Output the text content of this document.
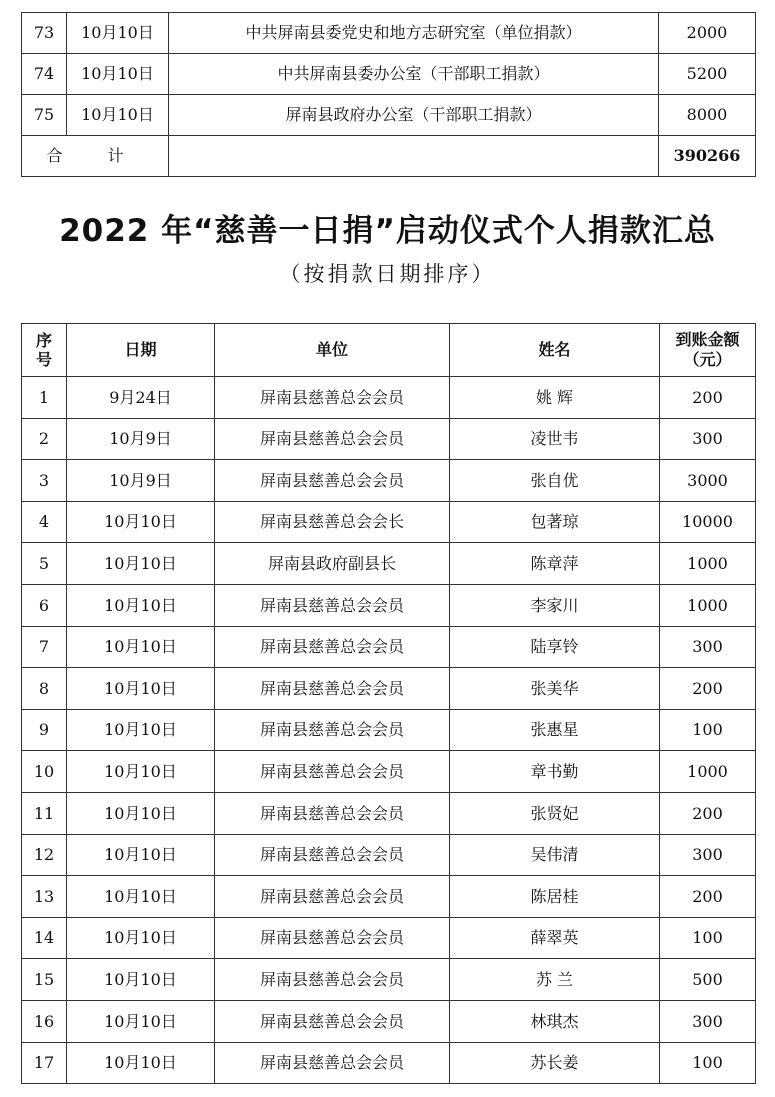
73	10月10日	中共屏南县委党史和地方志研究室（单位捐款）	2000
74	10月10日	中共屏南县委办公室（干部职工捐款）	5200
75	10月10日	屏南县政府办公室（干部职工捐款）	8000
合 计			390266
2022 年“慈善一日捐”启动仪式个人捐款汇总
（按捐款日期排序）
序号	日期	单位	姓名	到账金额
（元）

1	9月24日	屏南县慈善总会会员	姚 辉	200
2	10月9日	屏南县慈善总会会员	凌世韦	300
3	10月9日	屏南县慈善总会会员	张自优	3000
4	10月10日	屏南县慈善总会会长	包著琼	10000
5	10月10日	屏南县政府副县长	陈章萍	1000
6	10月10日	屏南县慈善总会会员	李家川	1000
7	10月10日	屏南县慈善总会会员	陆享铃	300
8	10月10日	屏南县慈善总会会员	张美华	200
9	10月10日	屏南县慈善总会会员	张惠星	100
10	10月10日	屏南县慈善总会会员	章书勤	1000
11	10月10日	屏南县慈善总会会员	张贤妃	200
12	10月10日	屏南县慈善总会会员	吴伟清	300
13	10月10日	屏南县慈善总会会员	陈居桂	200
14	10月10日	屏南县慈善总会会员	薛翠英	100
15	10月10日	屏南县慈善总会会员	苏 兰	500
16	10月10日	屏南县慈善总会会员	林琪杰	300
17	10月10日	屏南县慈善总会会员	苏长姜	100
